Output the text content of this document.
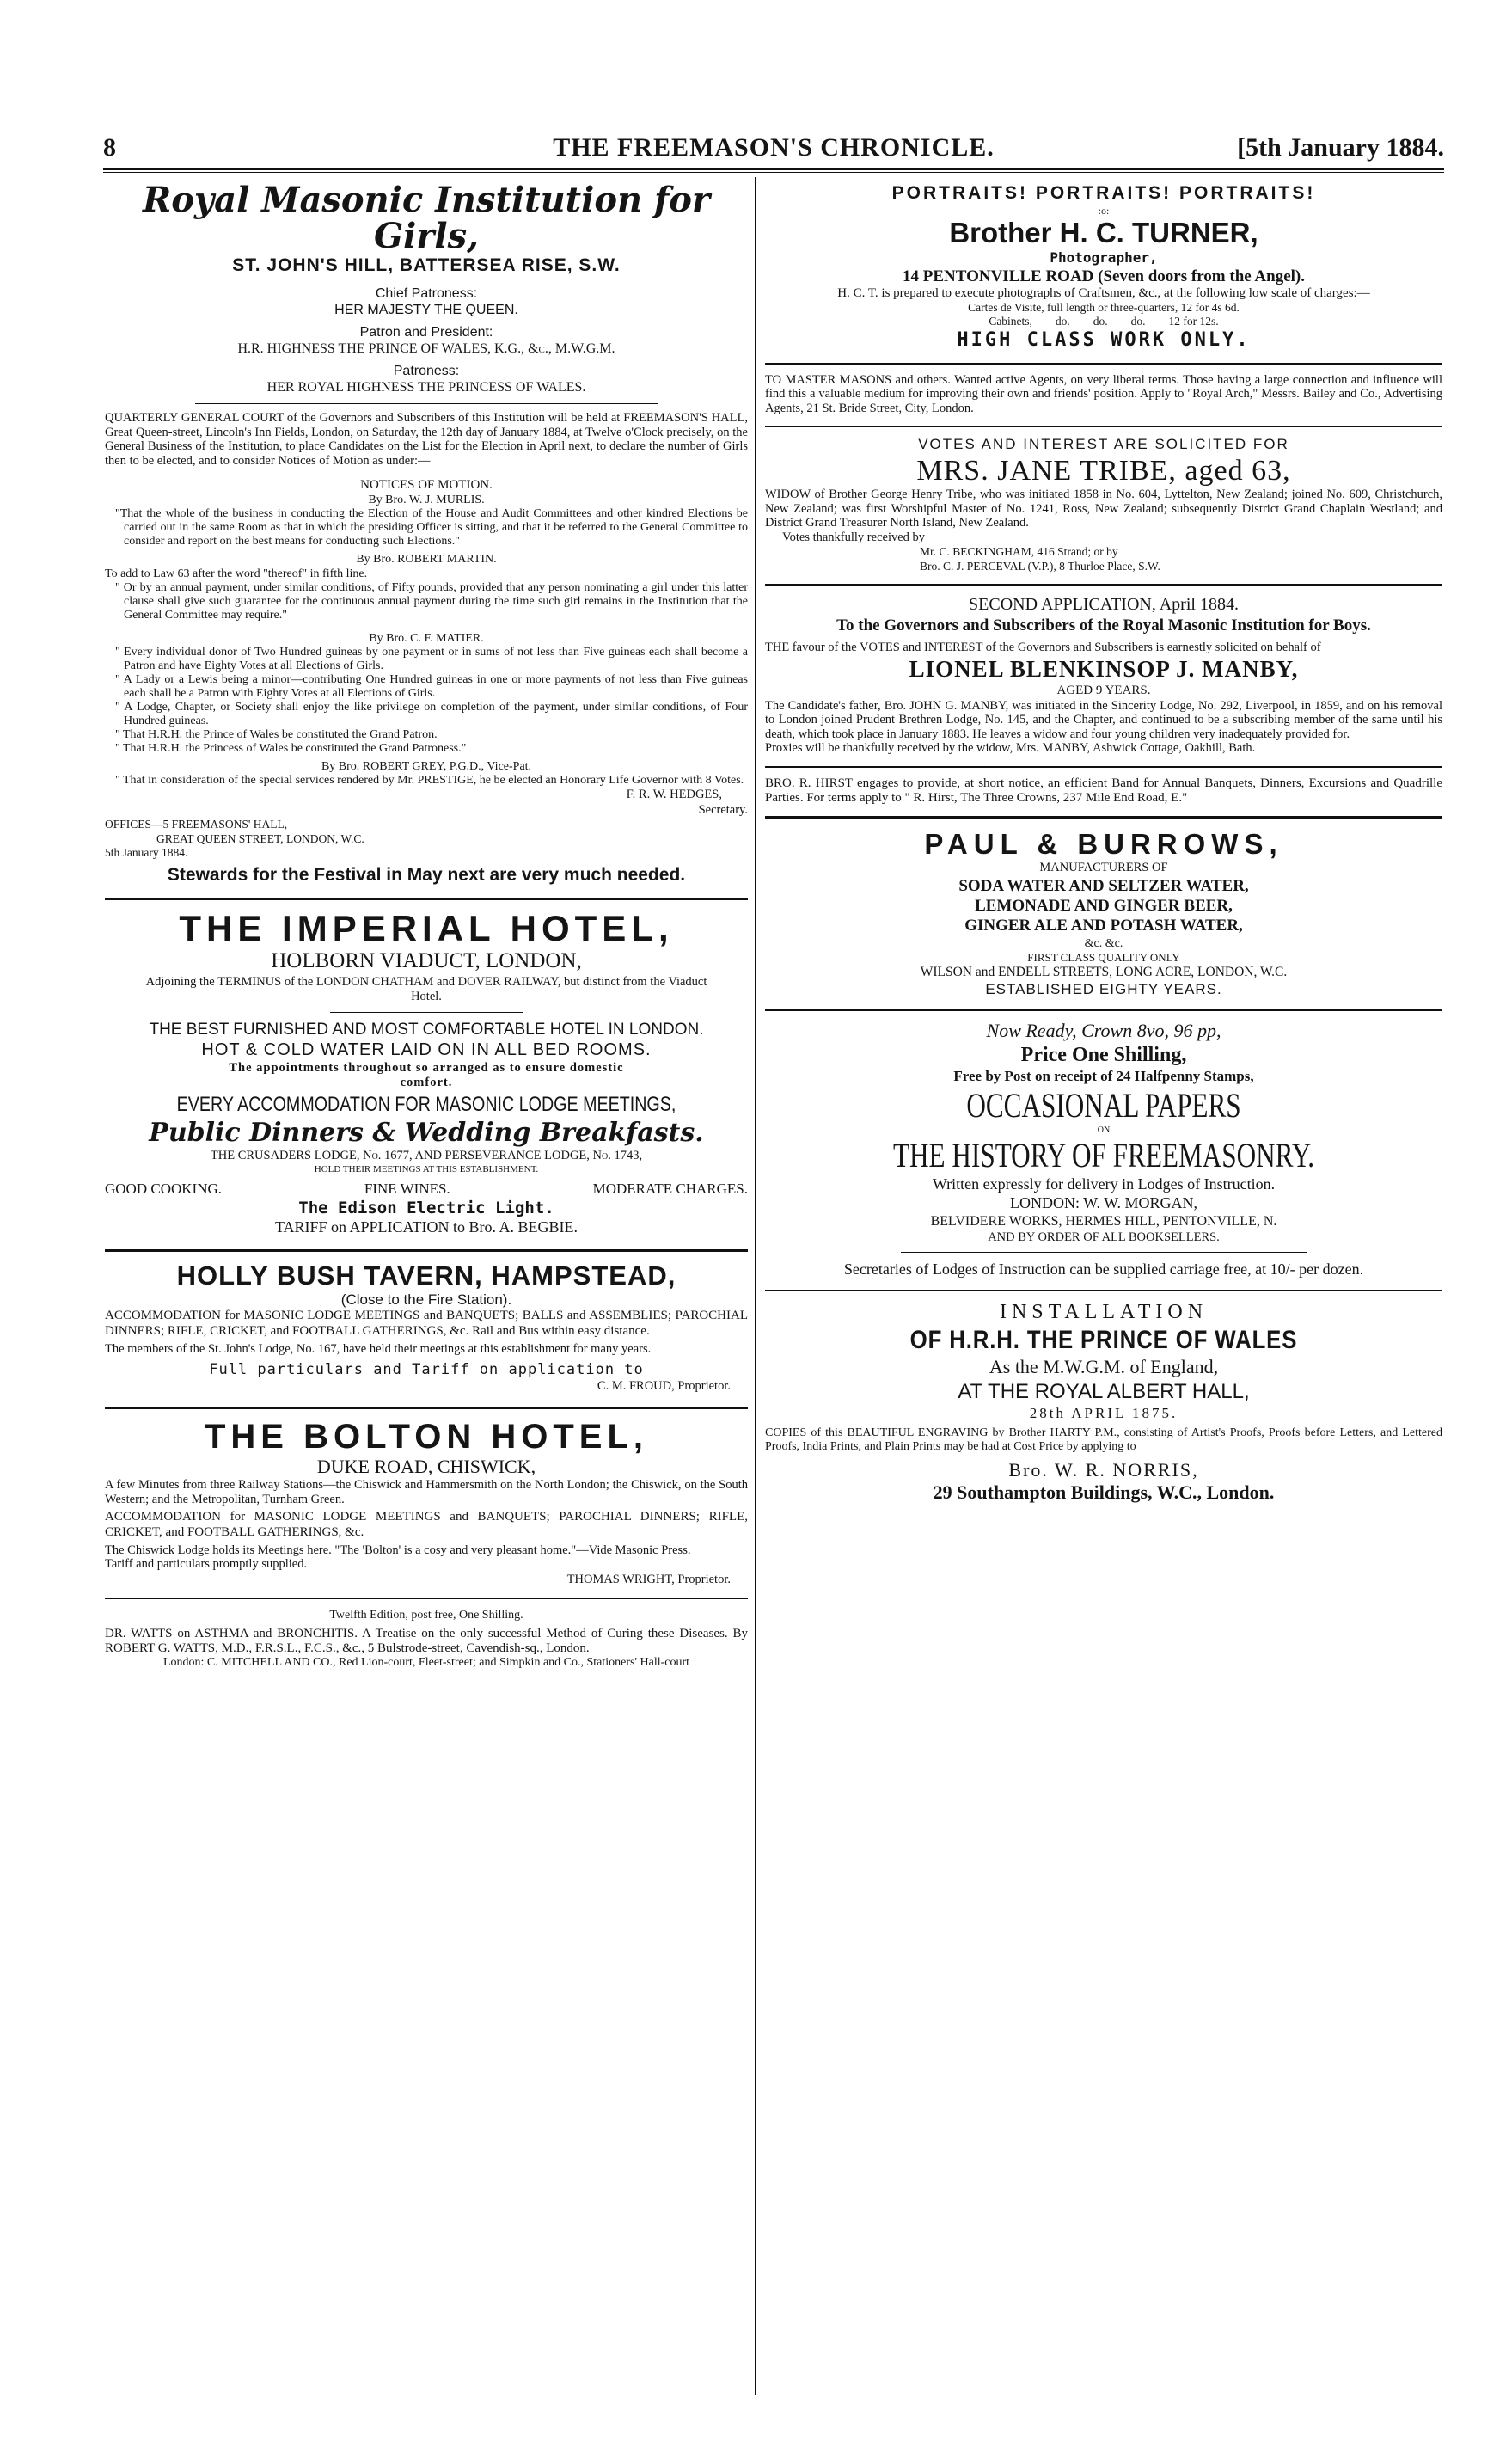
8	THE FREEMASON'S CHRONICLE.	[5th January 1884.

Royal Masonic Institution for Girls,

ST. JOHN'S HILL, BATTERSEA RISE, S.W.

Chief Patroness:

HER MAJESTY THE QUEEN.

Patron and President:

H.R. HIGHNESS THE PRINCE OF WALES, K.G., &c., M.W.G.M.

Patroness:

HER ROYAL HIGHNESS THE PRINCESS OF WALES.

QUARTERLY GENERAL COURT of the Governors and Subscribers of this Institution will be held at FREEMASON'S HALL, Great Queen-street, Lincoln's Inn Fields, London, on Saturday, the 12th day of January 1884, at Twelve o'Clock precisely, on the General Business of the Institution, to place Candidates on the List for the Election in April next, to declare the number of Girls then to be elected, and to consider Notices of Motion as under:—

NOTICES OF MOTION.

By Bro. W. J. MURLIS.

"That the whole of the business in conducting the Election of the House and Audit Committees and other kindred Elections be carried out in the same Room as that in which the presiding Officer is sitting, and that it be referred to the General Committee to consider and report on the best means for conducting such Elections."

By Bro. ROBERT MARTIN.

To add to Law 63 after the word "thereof" in fifth line.

" Or by an annual payment, under similar conditions, of Fifty pounds, provided that any person nominating a girl under this latter clause shall give such guarantee for the continuous annual payment during the time such girl remains in the Institution that the General Committee may require."

By Bro. C. F. MATIER.

" Every individual donor of Two Hundred guineas by one payment or in sums of not less than Five guineas each shall become a Patron and have Eighty Votes at all Elections of Girls.

" A Lady or a Lewis being a minor—contributing One Hundred guineas in one or more payments of not less than Five guineas each shall be a Patron with Eighty Votes at all Elections of Girls.

" A Lodge, Chapter, or Society shall enjoy the like privilege on completion of the payment, under similar conditions, of Four Hundred guineas.

" That H.R.H. the Prince of Wales be constituted the Grand Patron.

" That H.R.H. the Princess of Wales be constituted the Grand Patroness."

By Bro. ROBERT GREY, P.G.D., Vice-Pat.

" That in consideration of the special services rendered by Mr. PRESTIGE, he be elected an Honorary Life Governor with 8 Votes.

F. R. W. HEDGES,

Secretary.

OFFICES—5 FREEMASONS' HALL,

GREAT QUEEN STREET, LONDON, W.C.

5th January 1884.

Stewards for the Festival in May next are very much needed.

THE IMPERIAL HOTEL,

HOLBORN VIADUCT, LONDON,

Adjoining the TERMINUS of the LONDON CHATHAM and DOVER RAILWAY, but distinct from the Viaduct Hotel.

THE BEST FURNISHED AND MOST COMFORTABLE HOTEL IN LONDON.

HOT & COLD WATER LAID ON IN ALL BED ROOMS.

The appointments throughout so arranged as to ensure domestic comfort.

EVERY ACCOMMODATION FOR MASONIC LODGE MEETINGS,

Public Dinners & Wedding Breakfasts.

THE CRUSADERS LODGE, No. 1677, AND PERSEVERANCE LODGE, No. 1743,

HOLD THEIR MEETINGS AT THIS ESTABLISHMENT.

GOOD COOKING.	FINE WINES.	MODERATE CHARGES.

The Edison Electric Light.

TARIFF on APPLICATION to Bro. A. BEGBIE.

HOLLY BUSH TAVERN, HAMPSTEAD,

(Close to the Fire Station).

ACCOMMODATION for MASONIC LODGE MEETINGS and BANQUETS; BALLS and ASSEMBLIES; PAROCHIAL DINNERS; RIFLE, CRICKET, and FOOTBALL GATHERINGS, &c. Rail and Bus within easy distance.

The members of the St. John's Lodge, No. 167, have held their meetings at this establishment for many years.

Full particulars and Tariff on application to

C. M. FROUD, Proprietor.

THE BOLTON HOTEL,

DUKE ROAD, CHISWICK,

A few Minutes from three Railway Stations—the Chiswick and Hammersmith on the North London; the Chiswick, on the South Western; and the Metropolitan, Turnham Green.

ACCOMMODATION for MASONIC LODGE MEETINGS and BANQUETS; PAROCHIAL DINNERS; RIFLE, CRICKET, and FOOTBALL GATHERINGS, &c.

The Chiswick Lodge holds its Meetings here. "The 'Bolton' is a cosy and very pleasant home."—Vide Masonic Press.

Tariff and particulars promptly supplied.

THOMAS WRIGHT, Proprietor.

Twelfth Edition, post free, One Shilling.

DR. WATTS on ASTHMA and BRONCHITIS. A Treatise on the only successful Method of Curing these Diseases. By ROBERT G. WATTS, M.D., F.R.S.L., F.C.S., &c., 5 Bulstrode-street, Cavendish-sq., London.

London: C. MITCHELL AND CO., Red Lion-court, Fleet-street; and Simpkin and Co., Stationers' Hall-court

PORTRAITS! PORTRAITS! PORTRAITS!

—:o:—

Brother H. C. TURNER,

Photographer,

14 PENTONVILLE ROAD (Seven doors from the Angel).

H. C. T. is prepared to execute photographs of Craftsmen, &c., at the following low scale of charges:—

Cartes de Visite, full length or three-quarters, 12 for 4s 6d.

Cabinets,        do.        do.        do.        12 for 12s.

HIGH CLASS WORK ONLY.

TO MASTER MASONS and others. Wanted active Agents, on very liberal terms. Those having a large connection and influence will find this a valuable medium for improving their own and friends' position. Apply to "Royal Arch," Messrs. Bailey and Co., Advertising Agents, 21 St. Bride Street, City, London.

VOTES AND INTEREST ARE SOLICITED FOR

MRS. JANE TRIBE, aged 63,

WIDOW of Brother George Henry Tribe, who was initiated 1858 in No. 604, Lyttelton, New Zealand; joined No. 609, Christchurch, New Zealand; was first Worshipful Master of No. 1241, Ross, New Zealand; subsequently District Grand Chaplain Westland; and District Grand Treasurer North Island, New Zealand.

Votes thankfully received by

Mr. C. BECKINGHAM, 416 Strand; or by

Bro. C. J. PERCEVAL (V.P.), 8 Thurloe Place, S.W.

SECOND APPLICATION, April 1884.

To the Governors and Subscribers of the Royal Masonic Institution for Boys.

THE favour of the VOTES and INTEREST of the Governors and Subscribers is earnestly solicited on behalf of

LIONEL BLENKINSOP J. MANBY,

AGED 9 YEARS.

The Candidate's father, Bro. JOHN G. MANBY, was initiated in the Sincerity Lodge, No. 292, Liverpool, in 1859, and on his removal to London joined Prudent Brethren Lodge, No. 145, and the Chapter, and continued to be a subscribing member of the same until his death, which took place in January 1883. He leaves a widow and four young children very inadequately provided for.

Proxies will be thankfully received by the widow, Mrs. MANBY, Ashwick Cottage, Oakhill, Bath.

BRO. R. HIRST engages to provide, at short notice, an efficient Band for Annual Banquets, Dinners, Excursions and Quadrille Parties. For terms apply to " R. Hirst, The Three Crowns, 237 Mile End Road, E."

PAUL & BURROWS,

MANUFACTURERS OF

SODA WATER AND SELTZER WATER,

LEMONADE AND GINGER BEER,

GINGER ALE AND POTASH WATER,

&c. &c.

FIRST CLASS QUALITY ONLY

WILSON and ENDELL STREETS, LONG ACRE, LONDON, W.C.

ESTABLISHED EIGHTY YEARS.

Now Ready, Crown 8vo, 96 pp,

Price One Shilling,

Free by Post on receipt of 24 Halfpenny Stamps,

OCCASIONAL PAPERS

ON

THE HISTORY OF FREEMASONRY.

Written expressly for delivery in Lodges of Instruction.

LONDON: W. W. MORGAN,

BELVIDERE WORKS, HERMES HILL, PENTONVILLE, N.

AND BY ORDER OF ALL BOOKSELLERS.

Secretaries of Lodges of Instruction can be supplied carriage free, at 10/- per dozen.

INSTALLATION

OF H.R.H. THE PRINCE OF WALES

As the M.W.G.M. of England,

AT THE ROYAL ALBERT HALL,

28th APRIL 1875.

COPIES of this BEAUTIFUL ENGRAVING by Brother HARTY P.M., consisting of Artist's Proofs, Proofs before Letters, and Lettered Proofs, India Prints, and Plain Prints may be had at Cost Price by applying to

Bro. W. R. NORRIS,

29 Southampton Buildings, W.C., London.
